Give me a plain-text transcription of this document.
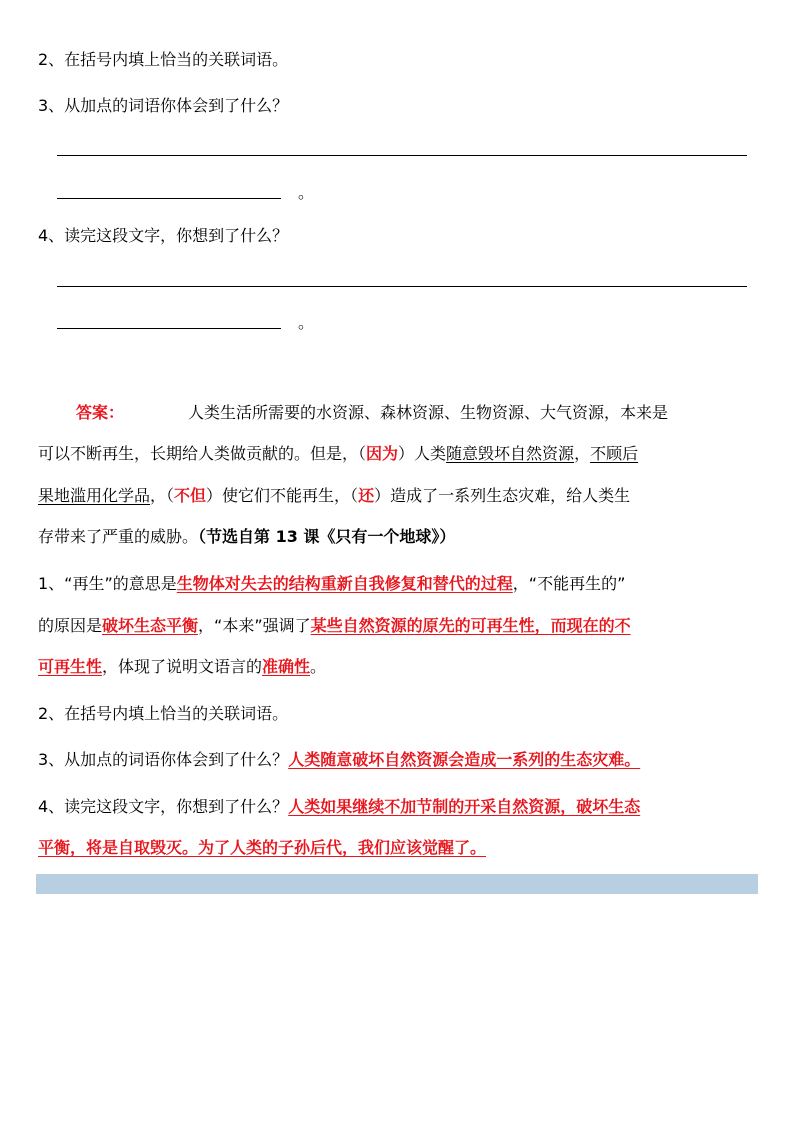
2、在括号内填上恰当的关联词语。
3、从加点的词语你体会到了什么？
。
4、读完这段文字，你想到了什么？
。
答案：	人类生活所需要的水资源、森林资源、生物资源、大气资源，本来是
可以不断再生，长期给人类做贡献的。但是，（因为）人类随意毁坏自然资源，不顾后
果地滥用化学品，（不但）使它们不能再生，（还）造成了一系列生态灾难，给人类生
存带来了严重的威胁。（节选自第 13 课《只有一个地球》）
1、“再生”的意思是生物体对失去的结构重新自我修复和替代的过程，“不能再生的”
的原因是破坏生态平衡，“本来”强调了某些自然资源的原先的可再生性，而现在的不
可再生性，体现了说明文语言的准确性。
2、在括号内填上恰当的关联词语。
3、从加点的词语你体会到了什么？人类随意破坏自然资源会造成一系列的生态灾难。
4、读完这段文字，你想到了什么？人类如果继续不加节制的开采自然资源，破坏生态
平衡，将是自取毁灭。为了人类的子孙后代，我们应该觉醒了。
